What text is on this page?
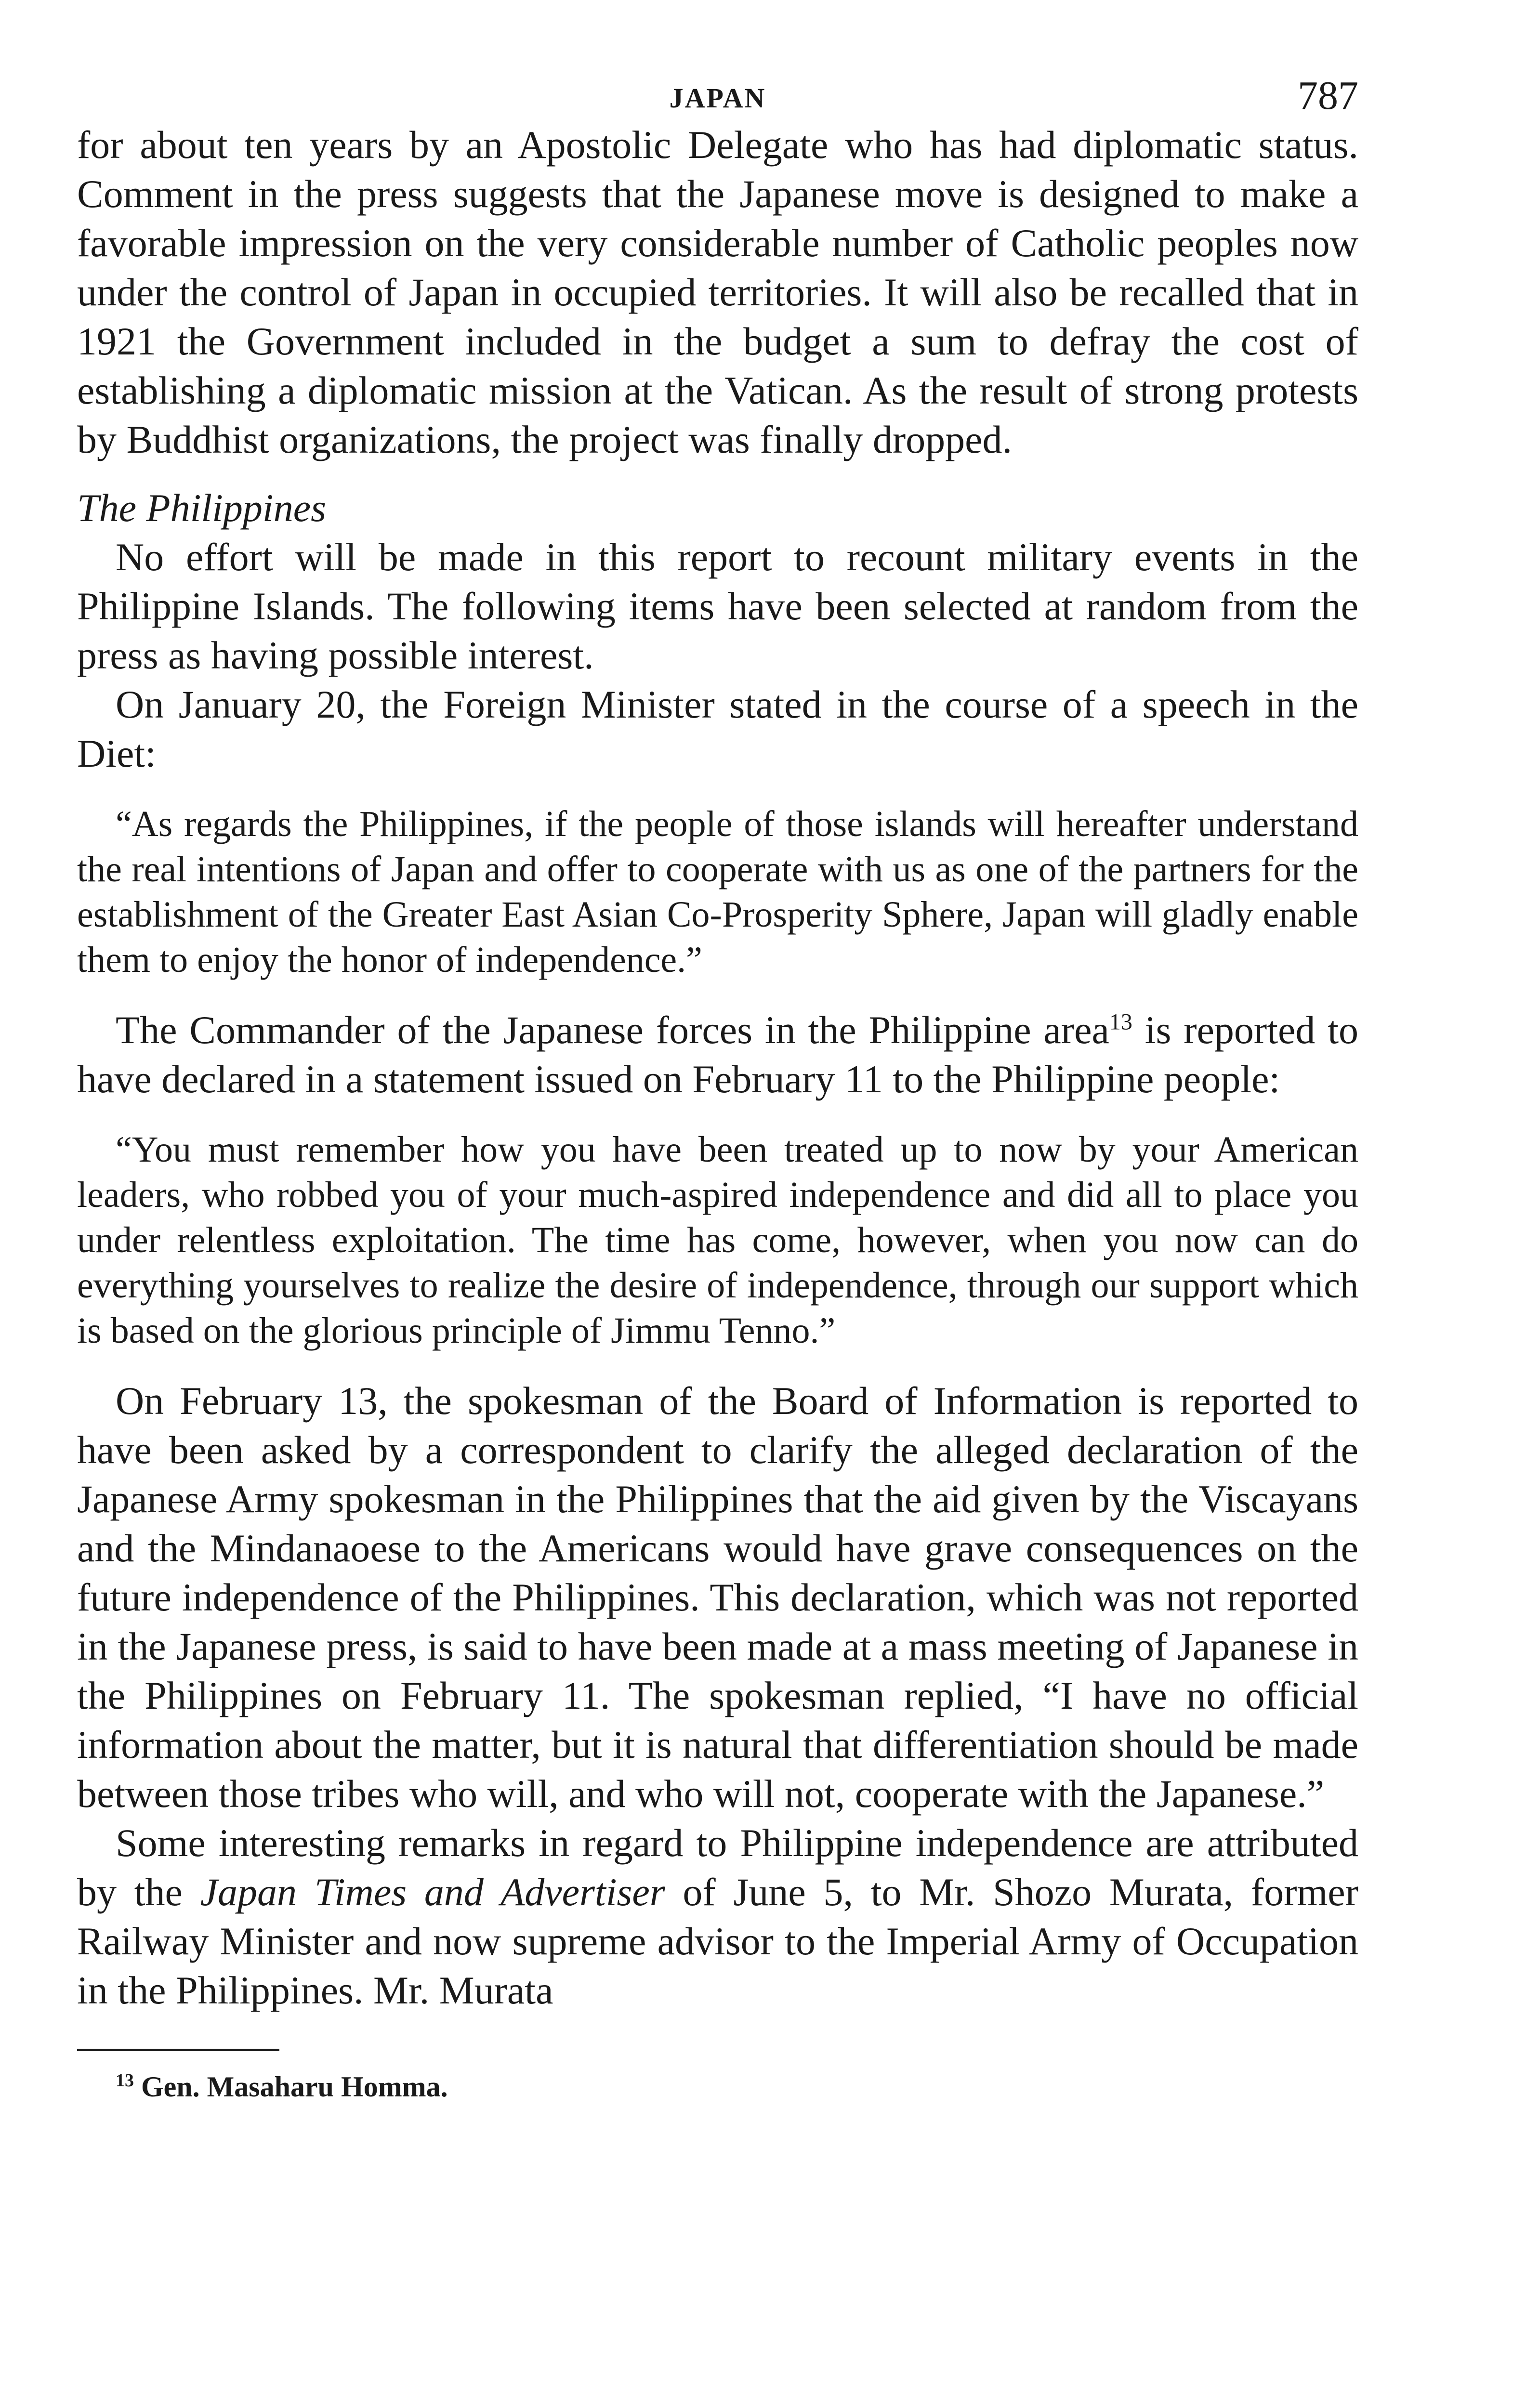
JAPAN	787

for about ten years by an Apostolic Delegate who has had diplomatic status. Comment in the press suggests that the Japanese move is designed to make a favorable impression on the very considerable number of Catholic peoples now under the control of Japan in occupied territories. It will also be recalled that in 1921 the Government included in the budget a sum to defray the cost of establishing a diplomatic mission at the Vatican. As the result of strong protests by Buddhist organizations, the project was finally dropped.

The Philippines

No effort will be made in this report to recount military events in the Philippine Islands. The following items have been selected at random from the press as having possible interest.

On January 20, the Foreign Minister stated in the course of a speech in the Diet:

“As regards the Philippines, if the people of those islands will hereafter understand the real intentions of Japan and offer to cooperate with us as one of the partners for the establishment of the Greater East Asian Co-Prosperity Sphere, Japan will gladly enable them to enjoy the honor of independence.”

The Commander of the Japanese forces in the Philippine area$^{13}$ is reported to have declared in a statement issued on February 11 to the Philippine people:

“You must remember how you have been treated up to now by your American leaders, who robbed you of your much-aspired independence and did all to place you under relentless exploitation. The time has come, however, when you now can do everything yourselves to realize the desire of independence, through our support which is based on the glorious principle of Jimmu Tenno.”

On February 13, the spokesman of the Board of Information is reported to have been asked by a correspondent to clarify the alleged declaration of the Japanese Army spokesman in the Philippines that the aid given by the Viscayans and the Mindanaoese to the Americans would have grave consequences on the future independence of the Philippines. This declaration, which was not reported in the Japanese press, is said to have been made at a mass meeting of Japanese in the Philippines on February 11. The spokesman replied, “I have no official information about the matter, but it is natural that differentiation should be made between those tribes who will, and who will not, cooperate with the Japanese.”

Some interesting remarks in regard to Philippine independence are attributed by the Japan Times and Advertiser of June 5, to Mr. Shozo Murata, former Railway Minister and now supreme advisor to the Imperial Army of Occupation in the Philippines. Mr. Murata

$^{13}$ Gen. Masaharu Homma.
